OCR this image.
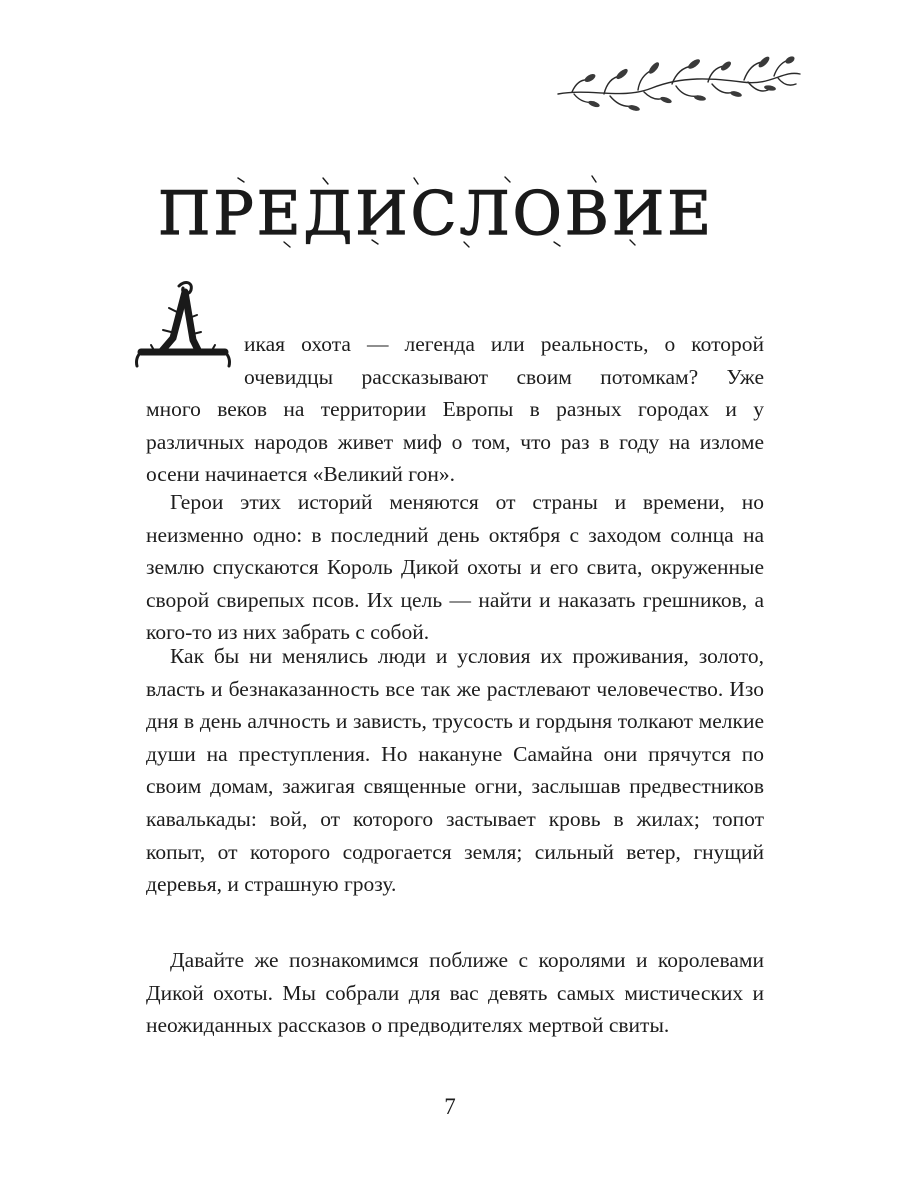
ПРЕДИСЛОВИЕ
Д	икая охота — легенда или реальность, о которой
очевидцы рассказывают своим потомкам? Уже
много веков на территории Европы в разных городах и у различных народов живет миф о том, что раз в году на изломе осени начинается «Великий гон».

Герои этих историй меняются от страны и времени, но неизменно одно: в последний день октября с заходом солнца на землю спускаются Король Дикой охоты и его свита, окруженные сворой свирепых псов. Их цель — найти и наказать грешников, а кого-то из них забрать с собой.

Как бы ни менялись люди и условия их проживания, золото, власть и безнаказанность все так же растлевают человечество. Изо дня в день алчность и зависть, трусость и гордыня толкают мелкие души на преступления. Но накануне Самайна они прячутся по своим домам, зажигая священные огни, заслышав предвестников кавалькады: вой, от которого застывает кровь в жилах; топот копыт, от которого содрогается земля; сильный ветер, гнущий деревья, и страшную грозу.

Давайте же познакомимся поближе с королями и королевами Дикой охоты. Мы собрали для вас девять самых мистических и неожиданных рассказов о предводителях мертвой свиты.

7
